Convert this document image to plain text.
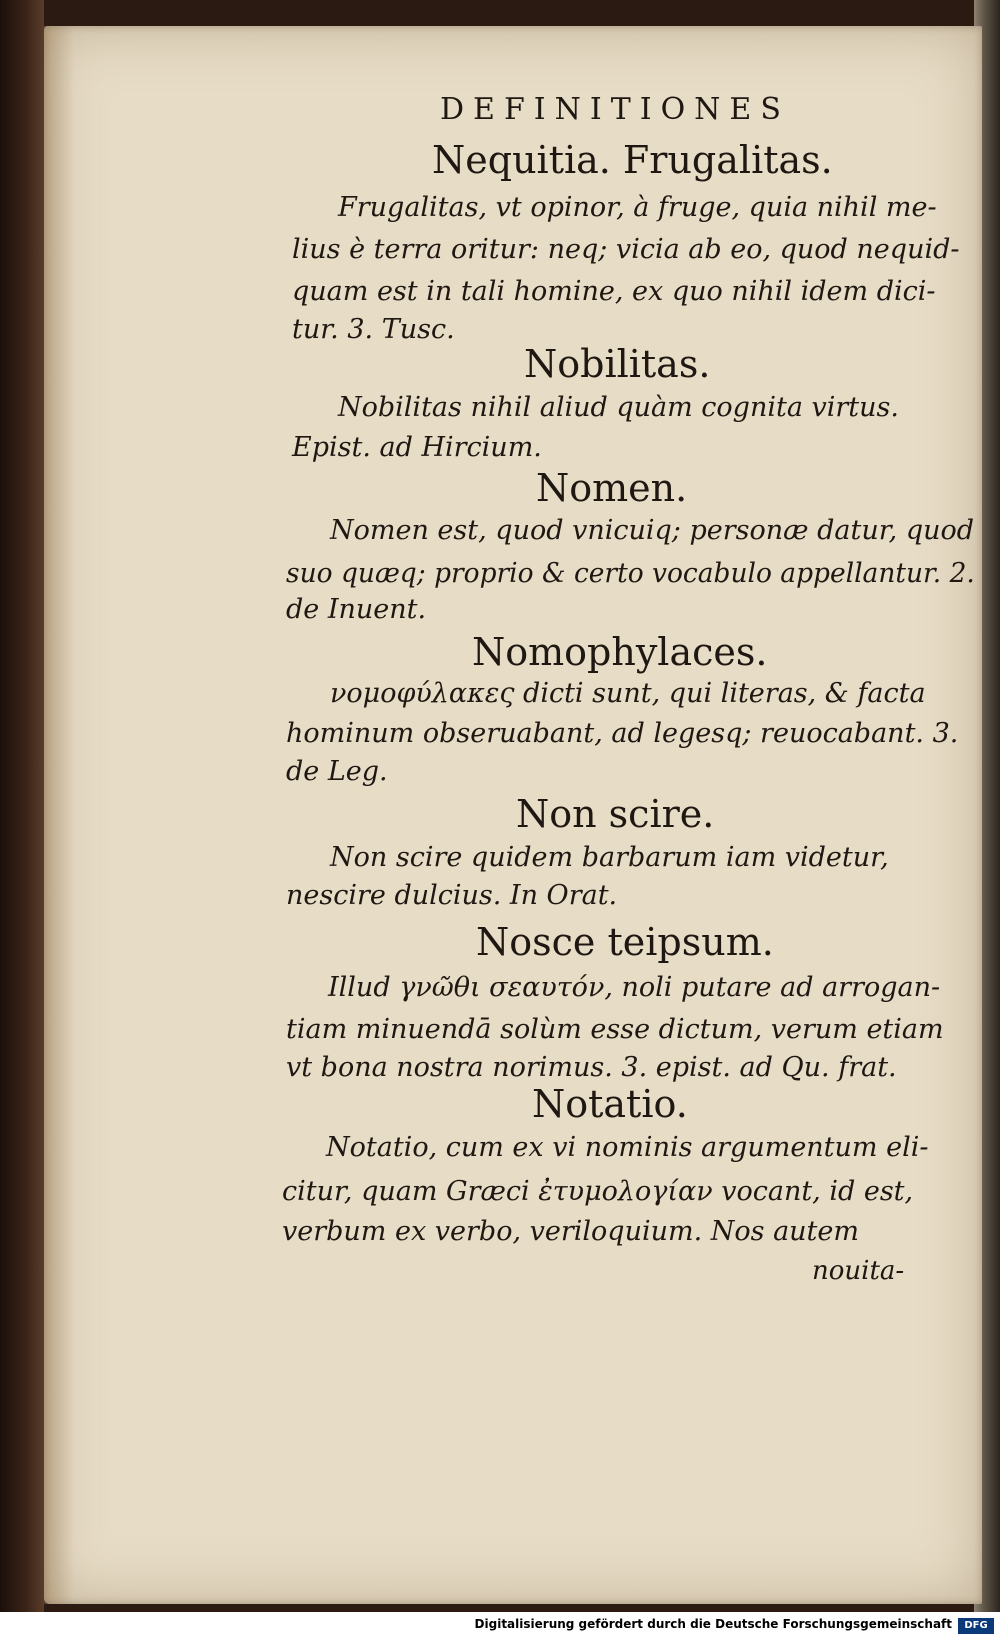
DEFINITIONES
Nequitia. Frugalitas.
Frugalitas, vt opinor, à fruge, quia nihil me-
lius è terra oritur: neq; vicia ab eo, quod nequid-
quam est in tali homine, ex quo nihil idem dici-
tur. 3. Tusc.
Nobilitas.
Nobilitas nihil aliud quàm cognita virtus.
Epist. ad Hircium.
Nomen.
Nomen est, quod vnicuiq; personæ datur, quod
suo quæq; proprio & certo vocabulo appellantur. 2.
de Inuent.
Nomophylaces.
νομοφύλακες dicti sunt, qui literas, & facta
hominum obseruabant, ad legesq; reuocabant. 3.
de Leg.
Non scire.
Non scire quidem barbarum iam videtur,
nescire dulcius. In Orat.
Nosce teipsum.
Illud γνῶθι σεαυτόν, noli putare ad arrogan-
tiam minuendā solùm esse dictum, verum etiam
vt bona nostra norimus. 3. epist. ad Qu. frat.
Notatio.
Notatio, cum ex vi nominis argumentum eli-
citur, quam Græci ἐτυμολογίαν vocant, id est,
verbum ex verbo, veriloquium. Nos autem
nouita-
Digitalisierung gefördert durch die Deutsche Forschungsgemeinschaft	DFG
